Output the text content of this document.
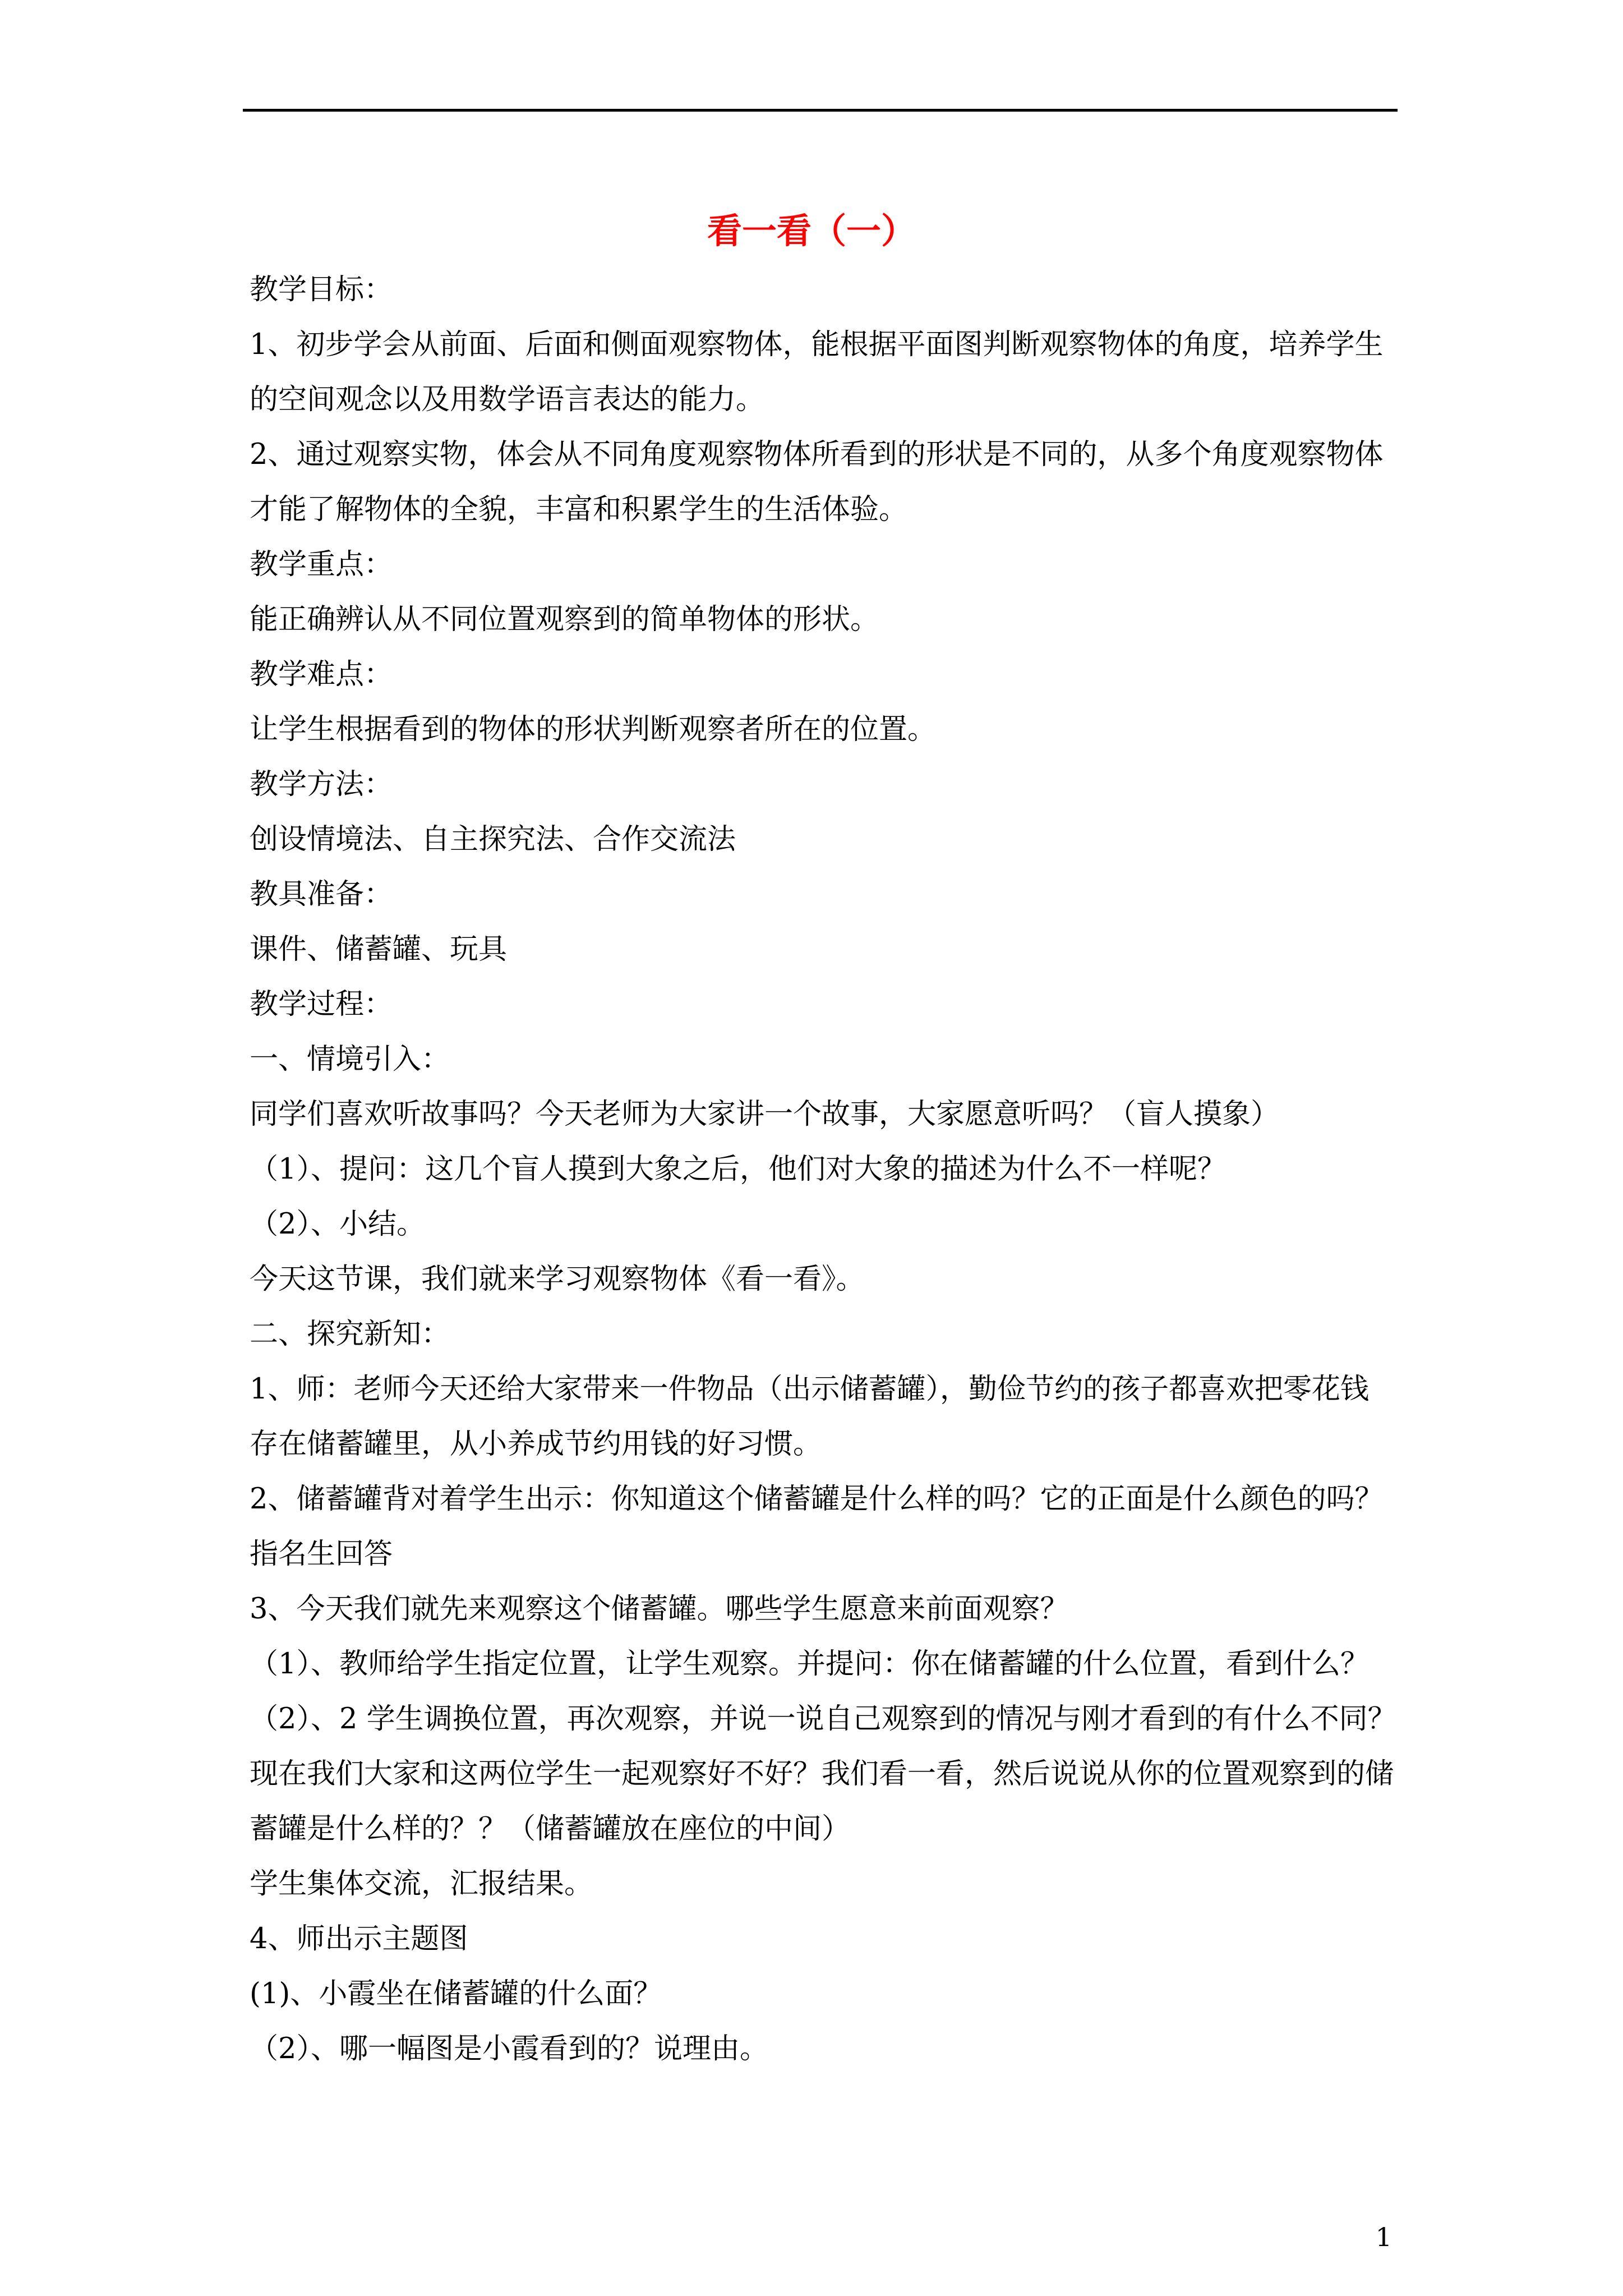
看一看（一）
教学目标：
1、初步学会从前面、后面和侧面观察物体，能根据平面图判断观察物体的角度，培养学生
的空间观念以及用数学语言表达的能力。
2、通过观察实物，体会从不同角度观察物体所看到的形状是不同的，从多个角度观察物体
才能了解物体的全貌，丰富和积累学生的生活体验。
教学重点：
能正确辨认从不同位置观察到的简单物体的形状。
教学难点：
让学生根据看到的物体的形状判断观察者所在的位置。
教学方法：
创设情境法、自主探究法、合作交流法
教具准备：
课件、储蓄罐、玩具
教学过程：
一、情境引入：
同学们喜欢听故事吗？今天老师为大家讲一个故事，大家愿意听吗？（盲人摸象）
（1）、提问：这几个盲人摸到大象之后，他们对大象的描述为什么不一样呢？
（2）、小结。
今天这节课，我们就来学习观察物体《看一看》。
二、探究新知：
1、师：老师今天还给大家带来一件物品（出示储蓄罐），勤俭节约的孩子都喜欢把零花钱
存在储蓄罐里，从小养成节约用钱的好习惯。
2、储蓄罐背对着学生出示：你知道这个储蓄罐是什么样的吗？它的正面是什么颜色的吗？
指名生回答
3、今天我们就先来观察这个储蓄罐。哪些学生愿意来前面观察？
（1）、教师给学生指定位置，让学生观察。并提问：你在储蓄罐的什么位置，看到什么？
（2）、2 学生调换位置，再次观察，并说一说自己观察到的情况与刚才看到的有什么不同？
现在我们大家和这两位学生一起观察好不好？我们看一看，然后说说从你的位置观察到的储
蓄罐是什么样的？？（储蓄罐放在座位的中间）
学生集体交流，汇报结果。
4、师出示主题图
(1)、小霞坐在储蓄罐的什么面？
（2）、哪一幅图是小霞看到的？说理由。
1
